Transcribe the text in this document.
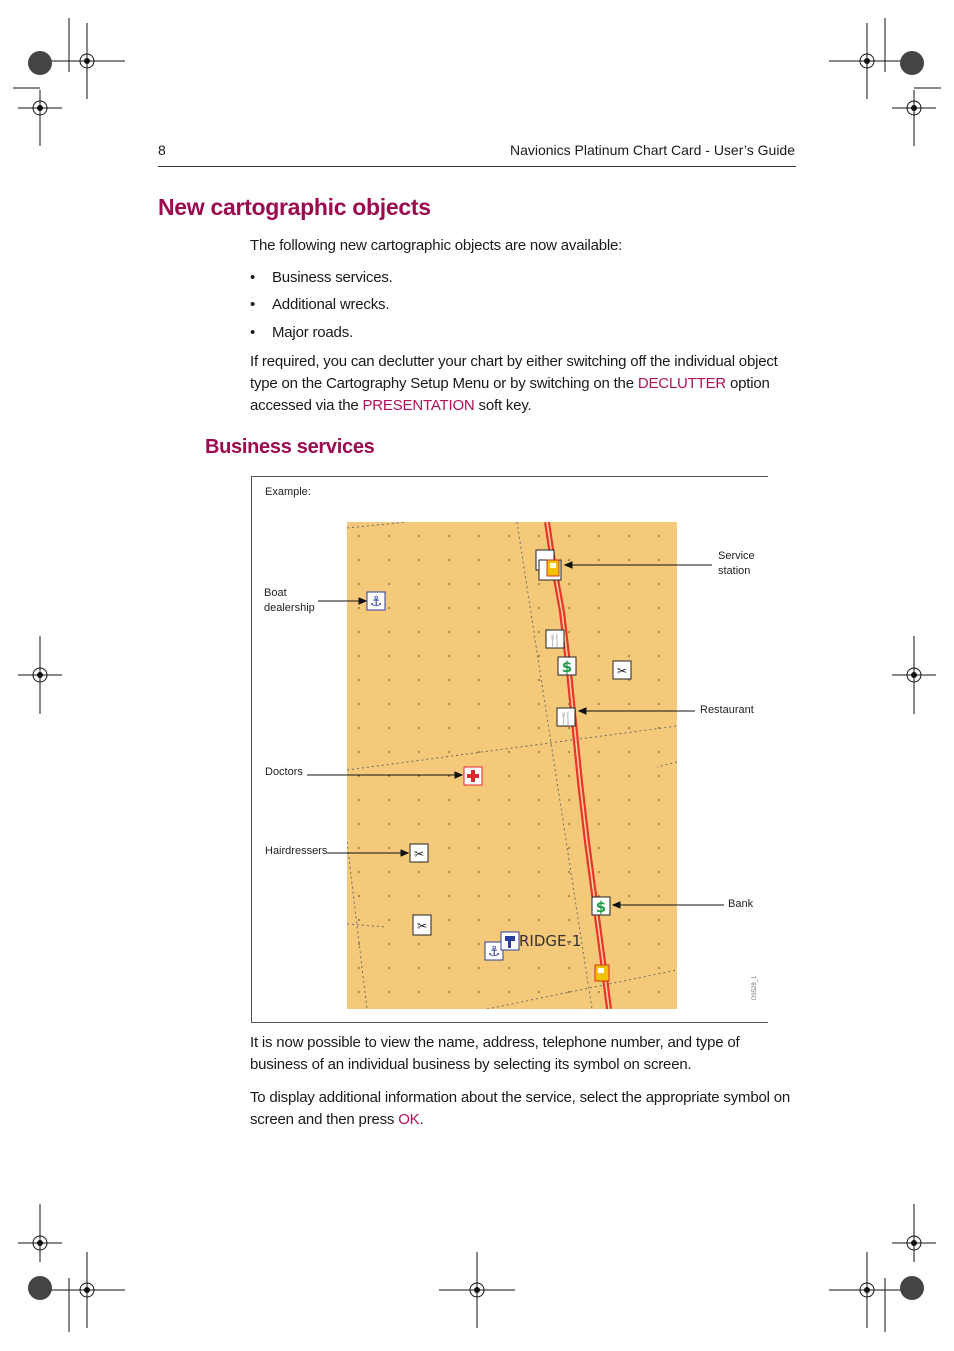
8	Navionics Platinum Chart Card - User’s Guide
New cartographic objects
The following new cartographic objects are now available:
• Business services.
• Additional wrecks.
• Major roads.
If required, you can declutter your chart by either switching off the individual object type on the Cartography Setup Menu or by switching on the DECLUTTER option accessed via the PRESENTATION soft key.
Business services
Example:
⚓
🍴
$	✂
🍴
✂
$
✂
⚓
RIDGE-1
Service
station
Boat
dealership
Restaurant
Doctors
Hairdressers
Bank
D9528_1
It is now possible to view the name, address, telephone number, and type of business of an individual business by selecting its symbol on screen.
To display additional information about the service, select the appropriate symbol on screen and then press OK.
